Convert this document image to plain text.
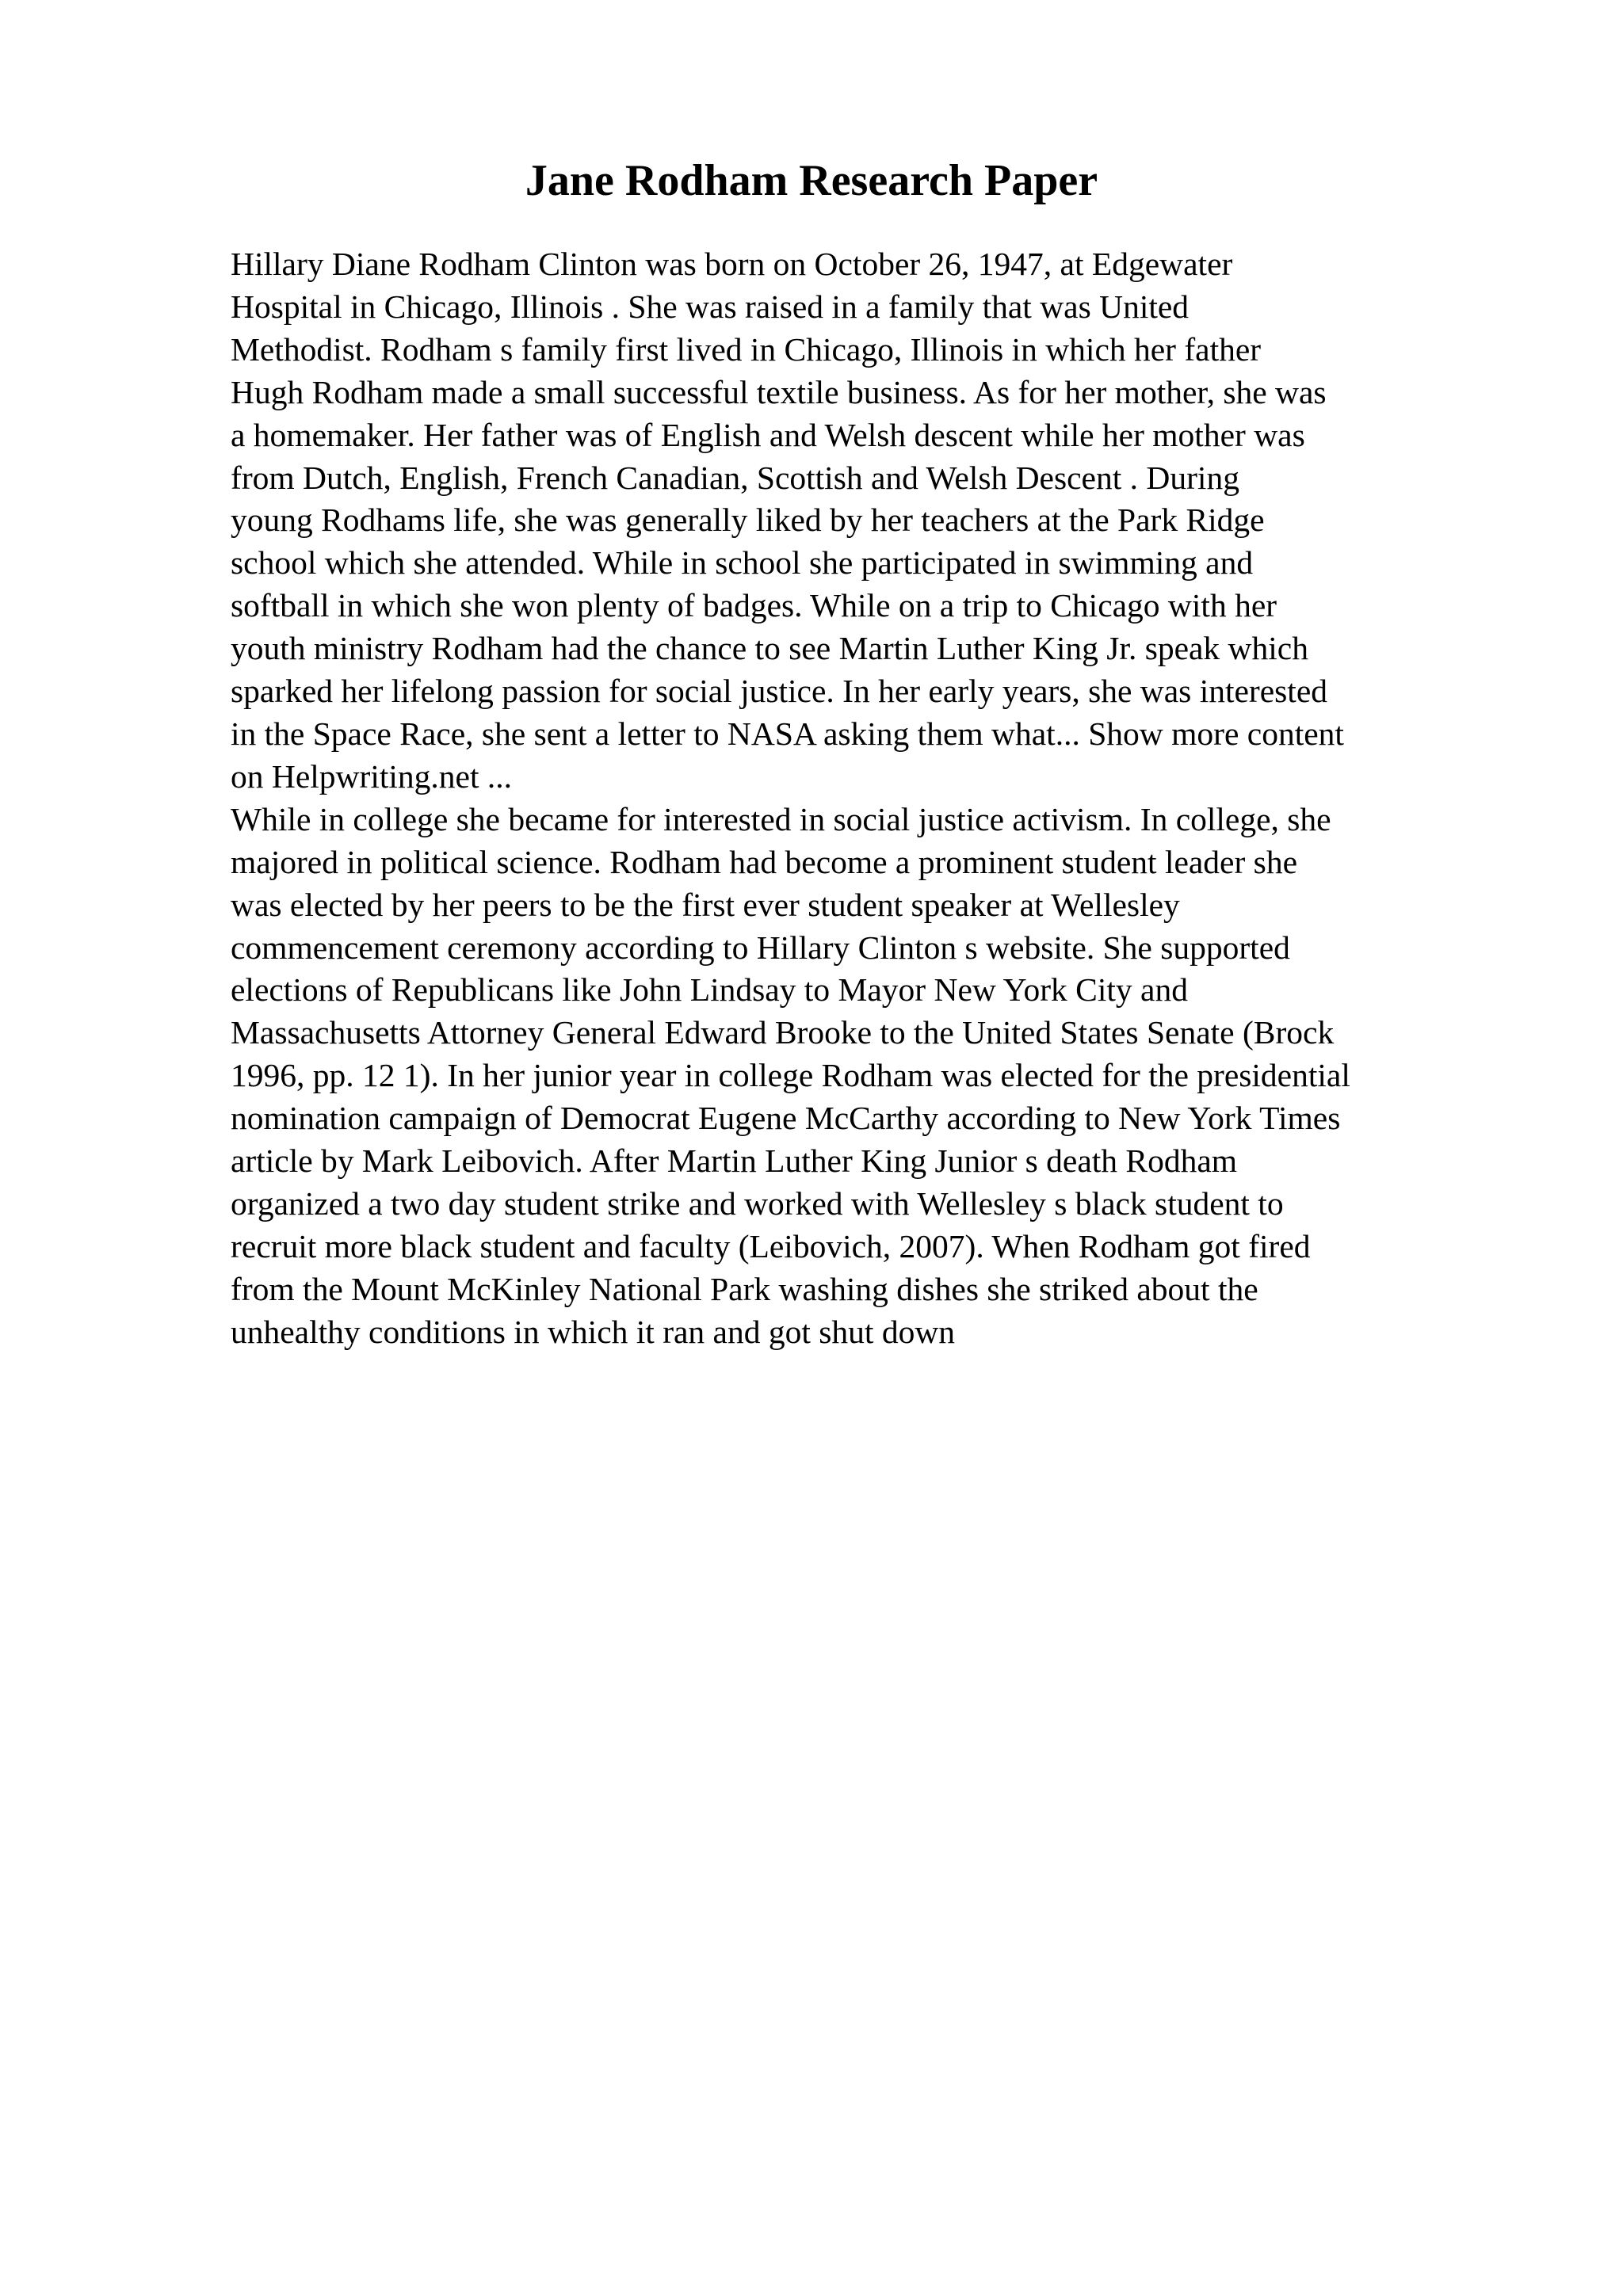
Jane Rodham Research Paper
Hillary Diane Rodham Clinton was born on October 26, 1947, at Edgewater
Hospital in Chicago, Illinois . She was raised in a family that was United
Methodist. Rodham s family first lived in Chicago, Illinois in which her father
Hugh Rodham made a small successful textile business. As for her mother, she was
a homemaker. Her father was of English and Welsh descent while her mother was
from Dutch, English, French Canadian, Scottish and Welsh Descent . During
young Rodhams life, she was generally liked by her teachers at the Park Ridge
school which she attended. While in school she participated in swimming and
softball in which she won plenty of badges. While on a trip to Chicago with her
youth ministry Rodham had the chance to see Martin Luther King Jr. speak which
sparked her lifelong passion for social justice. In her early years, she was interested
in the Space Race, she sent a letter to NASA asking them what... Show more content
on Helpwriting.net ...
While in college she became for interested in social justice activism. In college, she
majored in political science. Rodham had become a prominent student leader she
was elected by her peers to be the first ever student speaker at Wellesley
commencement ceremony according to Hillary Clinton s website. She supported
elections of Republicans like John Lindsay to Mayor New York City and
Massachusetts Attorney General Edward Brooke to the United States Senate (Brock
1996, pp. 12 1). In her junior year in college Rodham was elected for the presidential
nomination campaign of Democrat Eugene McCarthy according to New York Times
article by Mark Leibovich. After Martin Luther King Junior s death Rodham
organized a two day student strike and worked with Wellesley s black student to
recruit more black student and faculty (Leibovich, 2007). When Rodham got fired
from the Mount McKinley National Park washing dishes she striked about the
unhealthy conditions in which it ran and got shut down
